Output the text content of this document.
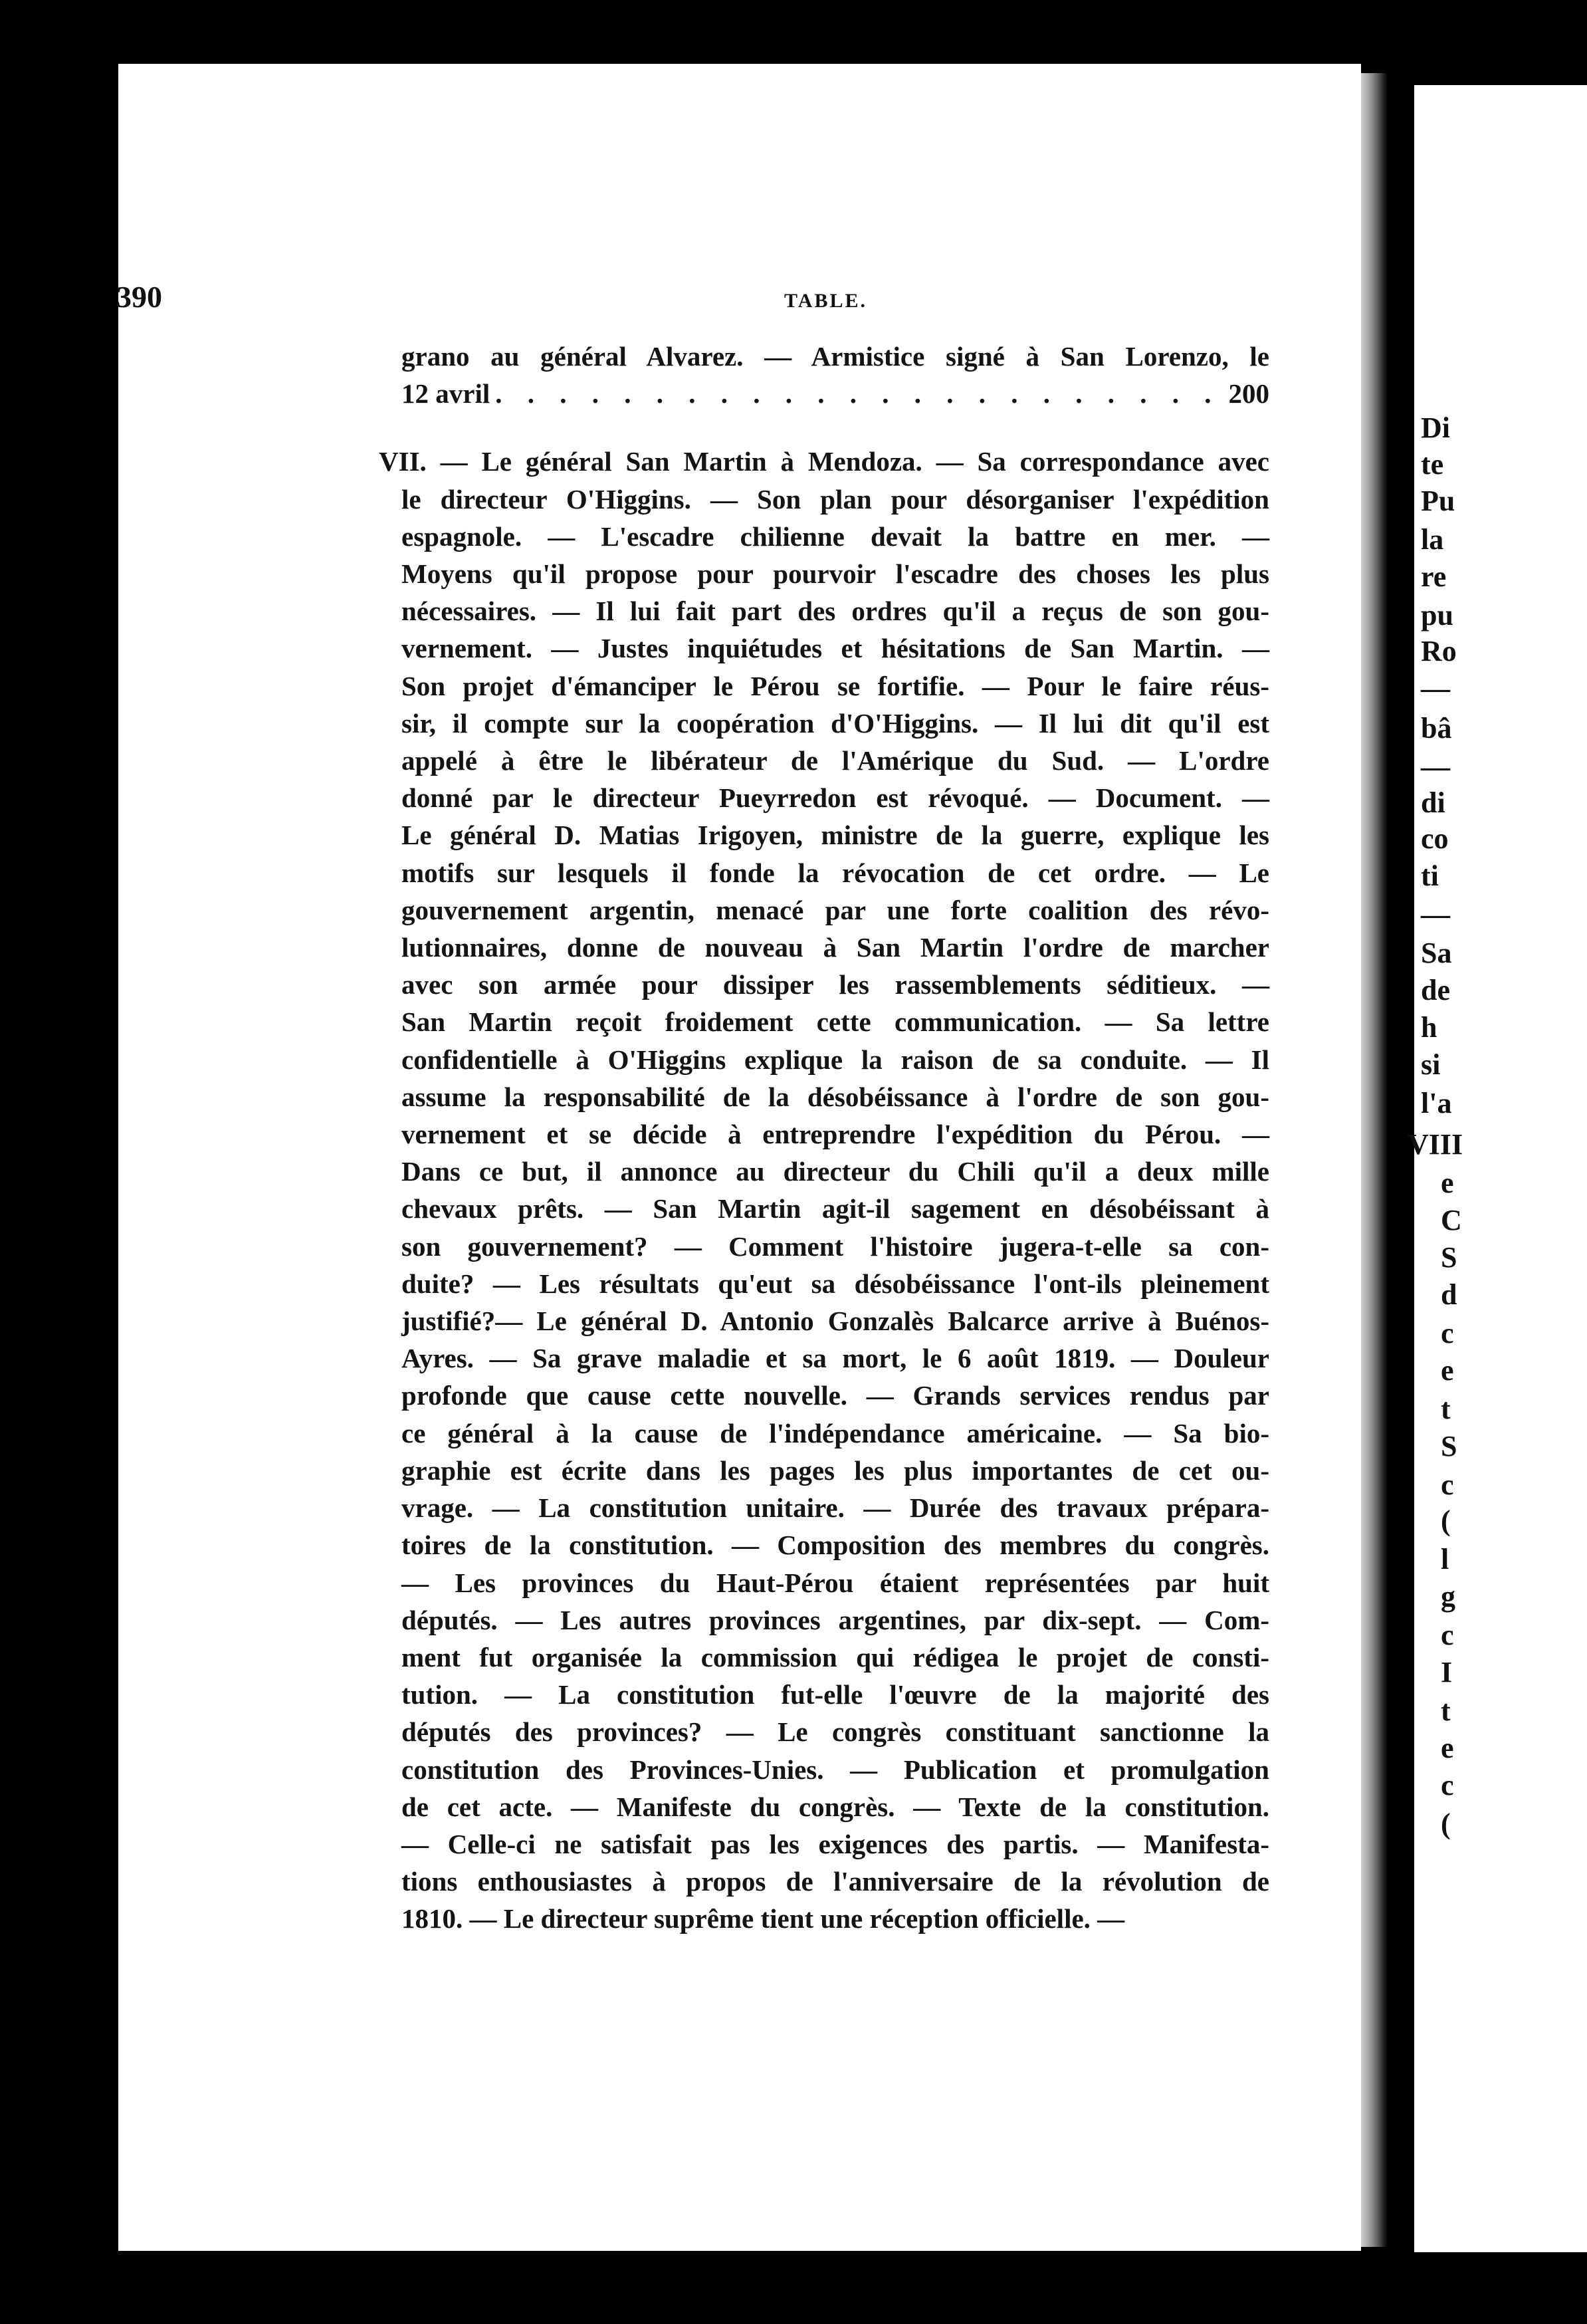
Di
te
Pu
la
re
pu
Ro
—
bâ
—
di
co
ti
—
Sa
de
h
si
l'a
VIII
e
C
S
d
c
e
t
S
c
(
l
g
c
I
t
e
c
(
390	TABLE.
grano au général Alvarez. — Armistice signé à San Lorenzo, le
12 avril . . . . . . . . . . . . . . . . . . . . . . . 200
VII. — Le général San Martin à Mendoza. — Sa correspondance avec
le directeur O'Higgins. — Son plan pour désorganiser l'expédition
espagnole. — L'escadre chilienne devait la battre en mer. —
Moyens qu'il propose pour pourvoir l'escadre des choses les plus
nécessaires. — Il lui fait part des ordres qu'il a reçus de son gou-
vernement. — Justes inquiétudes et hésitations de San Martin. —
Son projet d'émanciper le Pérou se fortifie. — Pour le faire réus-
sir, il compte sur la coopération d'O'Higgins. — Il lui dit qu'il est
appelé à être le libérateur de l'Amérique du Sud. — L'ordre
donné par le directeur Pueyrredon est révoqué. — Document. —
Le général D. Matias Irigoyen, ministre de la guerre, explique les
motifs sur lesquels il fonde la révocation de cet ordre. — Le
gouvernement argentin, menacé par une forte coalition des révo-
lutionnaires, donne de nouveau à San Martin l'ordre de marcher
avec son armée pour dissiper les rassemblements séditieux. —
San Martin reçoit froidement cette communication. — Sa lettre
confidentielle à O'Higgins explique la raison de sa conduite. — Il
assume la responsabilité de la désobéissance à l'ordre de son gou-
vernement et se décide à entreprendre l'expédition du Pérou. —
Dans ce but, il annonce au directeur du Chili qu'il a deux mille
chevaux prêts. — San Martin agit-il sagement en désobéissant à
son gouvernement? — Comment l'histoire jugera-t-elle sa con-
duite? — Les résultats qu'eut sa désobéissance l'ont-ils pleinement
justifié?— Le général D. Antonio Gonzalès Balcarce arrive à Buénos-
Ayres. — Sa grave maladie et sa mort, le 6 août 1819. — Douleur
profonde que cause cette nouvelle. — Grands services rendus par
ce général à la cause de l'indépendance américaine. — Sa bio-
graphie est écrite dans les pages les plus importantes de cet ou-
vrage. — La constitution unitaire. — Durée des travaux prépara-
toires de la constitution. — Composition des membres du congrès.
— Les provinces du Haut-Pérou étaient représentées par huit
députés. — Les autres provinces argentines, par dix-sept. — Com-
ment fut organisée la commission qui rédigea le projet de consti-
tution. — La constitution fut-elle l'œuvre de la majorité des
députés des provinces? — Le congrès constituant sanctionne la
constitution des Provinces-Unies. — Publication et promulgation
de cet acte. — Manifeste du congrès. — Texte de la constitution.
— Celle-ci ne satisfait pas les exigences des partis. — Manifesta-
tions enthousiastes à propos de l'anniversaire de la révolution de
1810. — Le directeur suprême tient une réception officielle. —
